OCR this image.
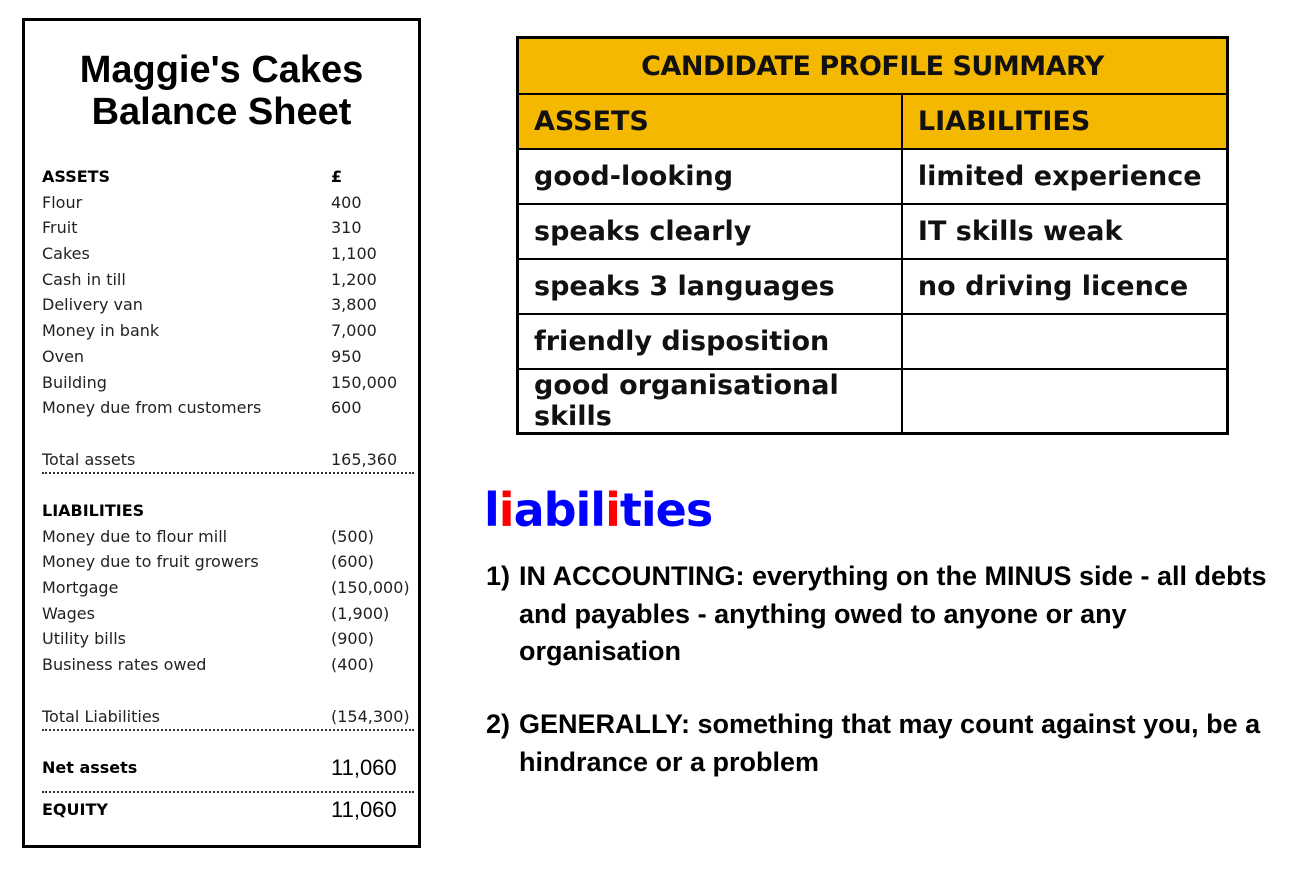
Maggie's Cakes
Balance Sheet
ASSETS	£
Flour	400
Fruit	310
Cakes	1,100
Cash in till	1,200
Delivery van	3,800
Money in bank	7,000
Oven	950
Building	150,000
Money due from customers	600
Total assets	165,360
LIABILITIES
Money due to flour mill	(500)
Money due to fruit growers	(600)
Mortgage	(150,000)
Wages	(1,900)
Utility bills	(900)
Business rates owed	(400)
Total Liabilities	(154,300)
Net assets	11,060
EQUITY	11,060
CANDIDATE PROFILE SUMMARY	
ASSETS	LIABILITIES
good-looking	limited experience
speaks clearly	IT skills weak
speaks 3 languages	no driving licence
friendly disposition	
good organisational skills	
liabilities
1) IN ACCOUNTING: everything on the MINUS side - all debts and payables - anything owed to anyone or any organisation
2) GENERALLY: something that may count against you, be a hindrance or a problem
